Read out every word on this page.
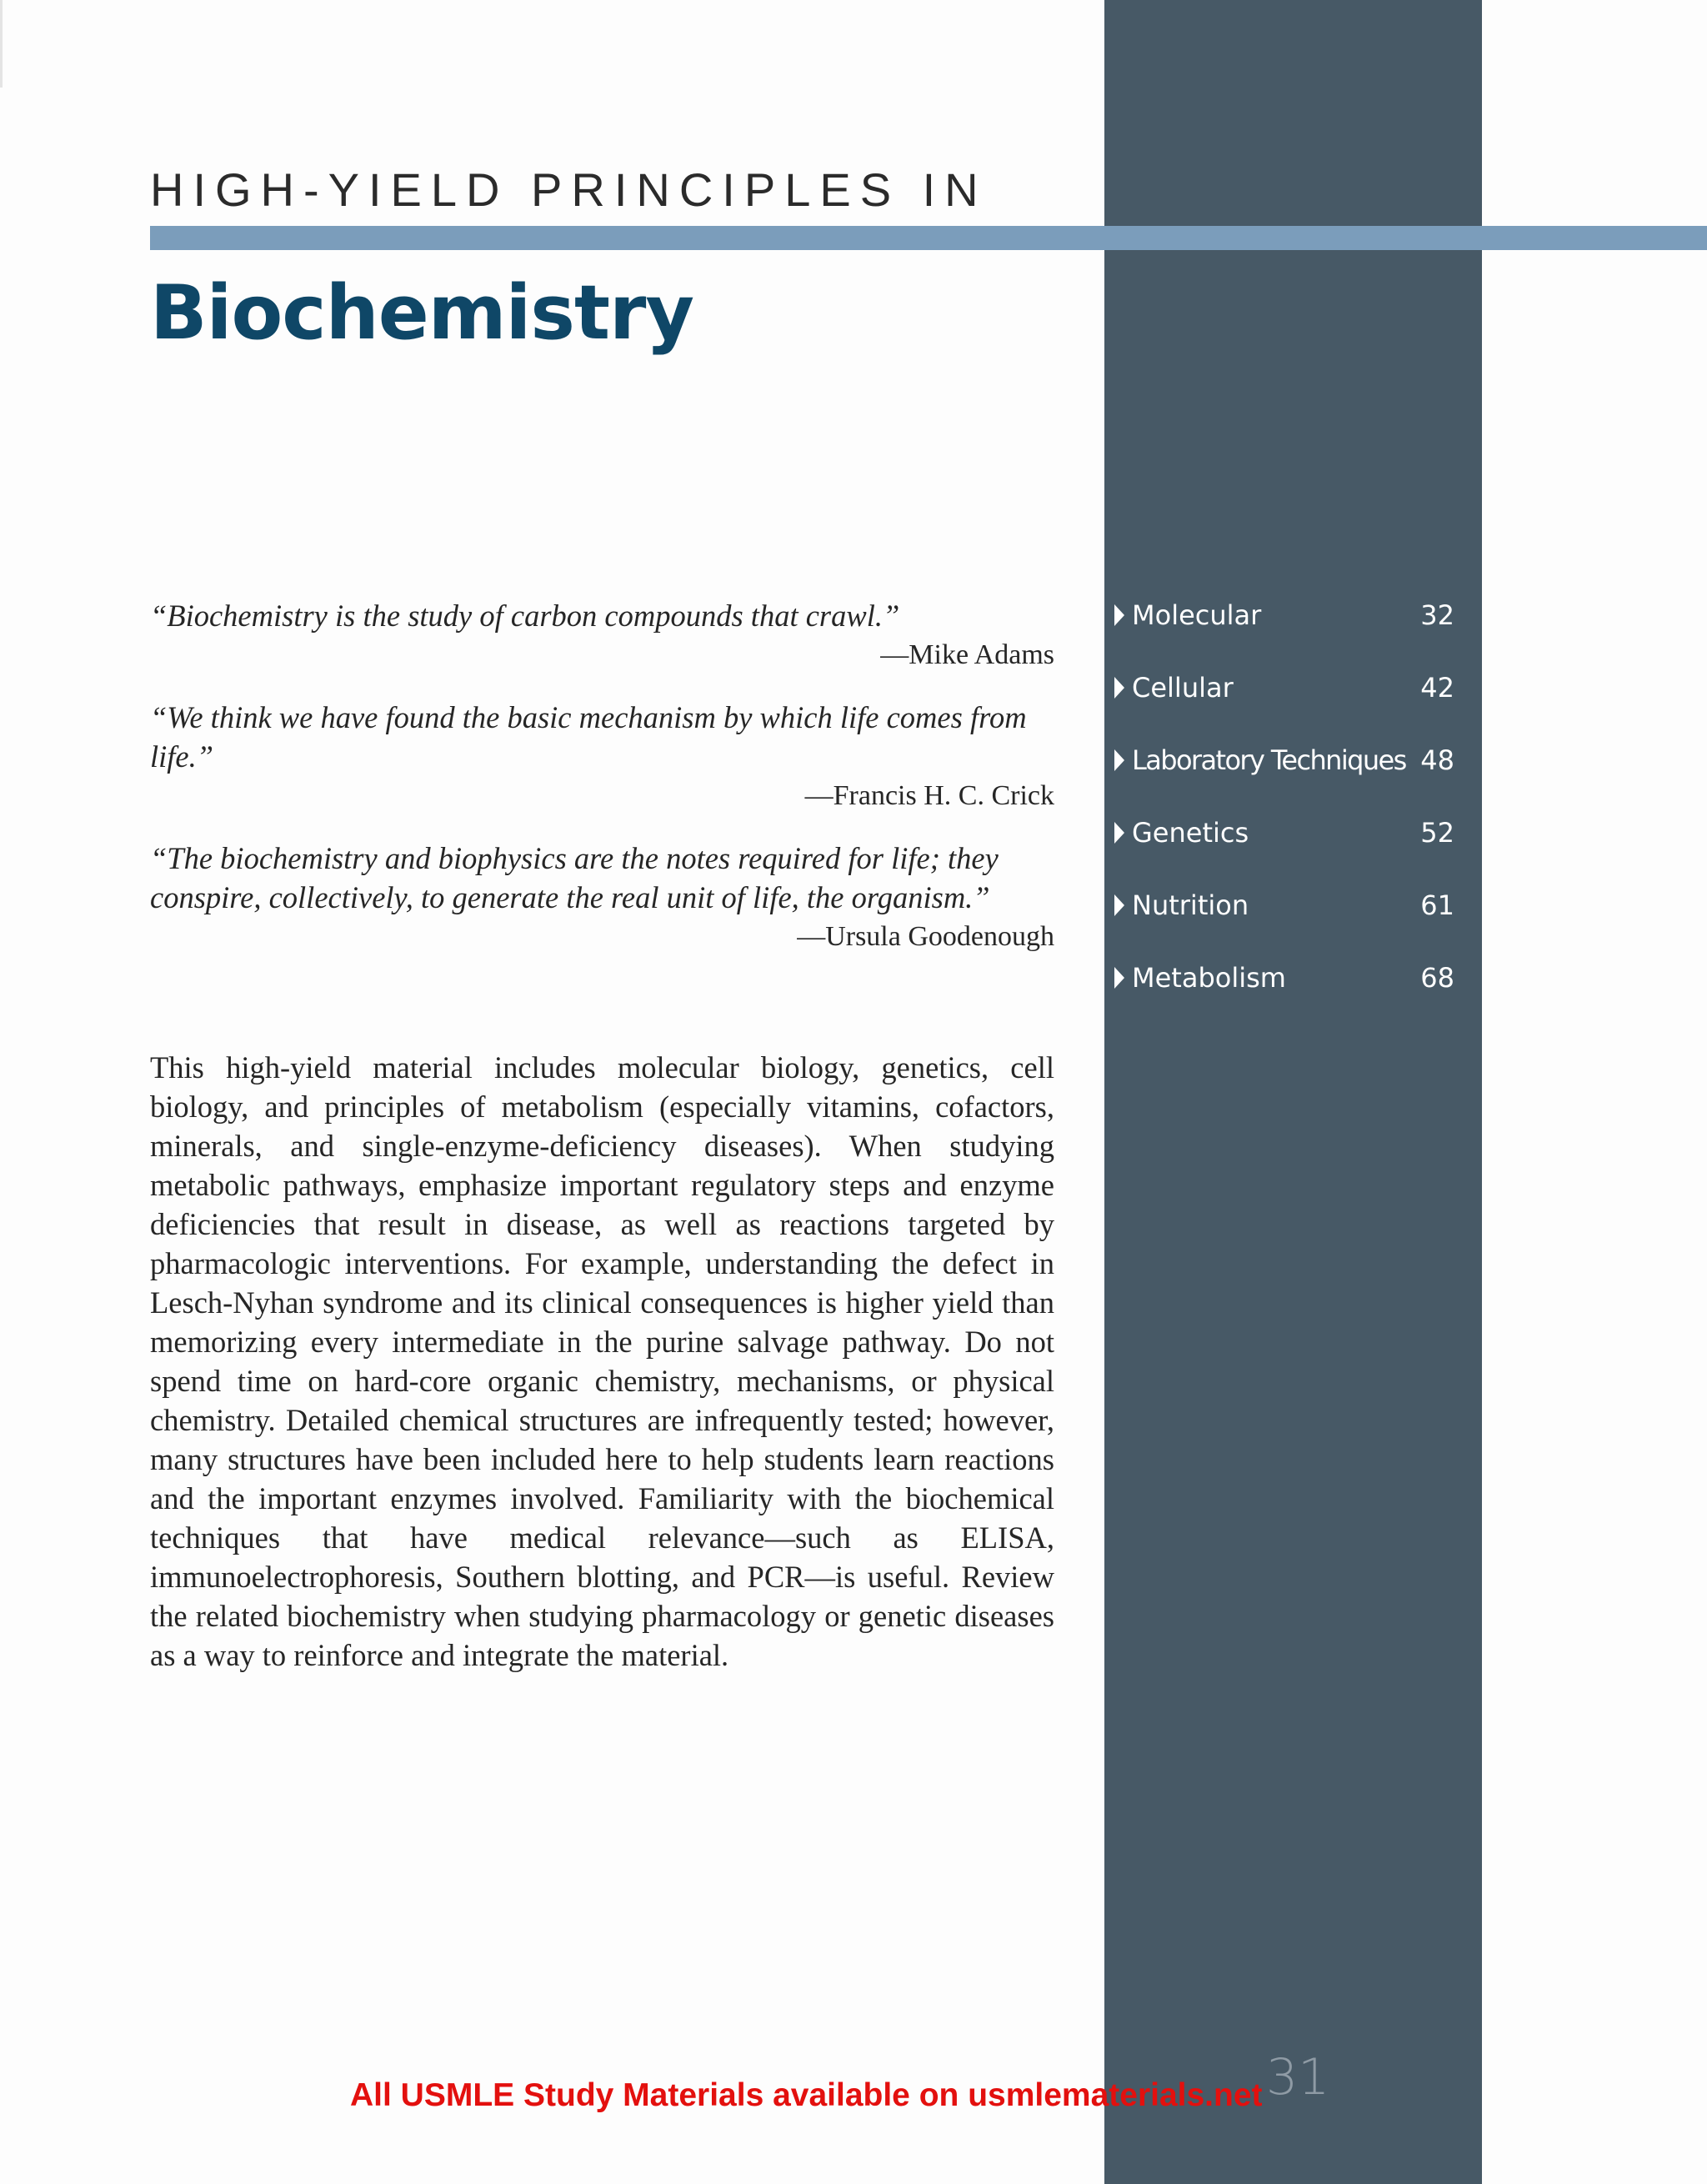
HIGH-YIELD PRINCIPLES IN
Biochemistry

“Biochemistry is the study of carbon compounds that crawl.”

—Mike Adams

“We think we have found the basic mechanism by which life comes from life.”

—Francis H. C. Crick

“The biochemistry and biophysics are the notes required for life; they conspire, collectively, to generate the real unit of life, the organism.”

—Ursula Goodenough

This high-yield material includes molecular biology, genetics, cell biology, and principles of metabolism (especially vitamins, cofactors, minerals, and single-enzyme-deficiency diseases). When studying metabolic pathways, emphasize important regulatory steps and enzyme deficiencies that result in disease, as well as reactions targeted by pharmacologic interventions. For example, understanding the defect in Lesch-Nyhan syndrome and its clinical consequences is higher yield than memorizing every intermediate in the purine salvage pathway. Do not spend time on hard-core organic chemistry, mechanisms, or physical chemistry. Detailed chemical structures are infrequently tested; however, many structures have been included here to help students learn reactions and the important enzymes involved. Familiarity with the biochemical techniques that have medical relevance—such as ELISA, immunoelectrophoresis, Southern blotting, and PCR—is useful. Review the related biochemistry when studying pharmacology or genetic diseases as a way to reinforce and integrate the material.

Molecular	32
Cellular	42
Laboratory Techniques 48
Genetics	52
Nutrition	61
Metabolism	68

31

All USMLE Study Materials available on usmlematerials.net
